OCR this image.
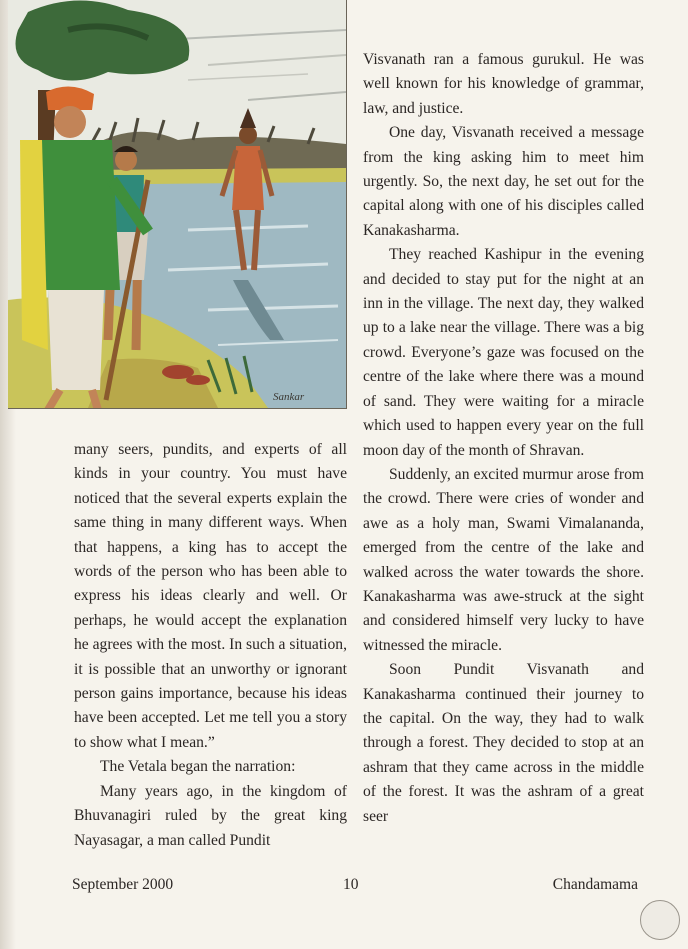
Sankar

many seers, pundits, and experts of all kinds in your country. You must have noticed that the several experts explain the same thing in many different ways. When that happens, a king has to accept the words of the person who has been able to express his ideas clearly and well. Or perhaps, he would accept the explanation he agrees with the most. In such a situation, it is possible that an unworthy or ignorant person gains importance, because his ideas have been accepted. Let me tell you a story to show what I mean.”

The Vetala began the narration:

Many years ago, in the kingdom of Bhuvanagiri ruled by the great king Nayasagar, a man called Pundit

Visvanath ran a famous gurukul. He was well known for his knowledge of grammar, law, and justice.

One day, Visvanath received a message from the king asking him to meet him urgently. So, the next day, he set out for the capital along with one of his disciples called Kanakasharma.

They reached Kashipur in the evening and decided to stay put for the night at an inn in the village. The next day, they walked up to a lake near the village. There was a big crowd. Everyone’s gaze was focused on the centre of the lake where there was a mound of sand. They were waiting for a miracle which used to happen every year on the full moon day of the month of Shravan.

Suddenly, an excited murmur arose from the crowd. There were cries of wonder and awe as a holy man, Swami Vimalananda, emerged from the centre of the lake and walked across the water towards the shore. Kanakasharma was awe-struck at the sight and considered himself very lucky to have witnessed the miracle.

Soon Pundit Visvanath and Kanakasharma continued their journey to the capital. On the way, they had to walk through a forest. They decided to stop at an ashram that they came across in the middle of the forest. It was the ashram of a great seer

September 2000	10	Chandamama
